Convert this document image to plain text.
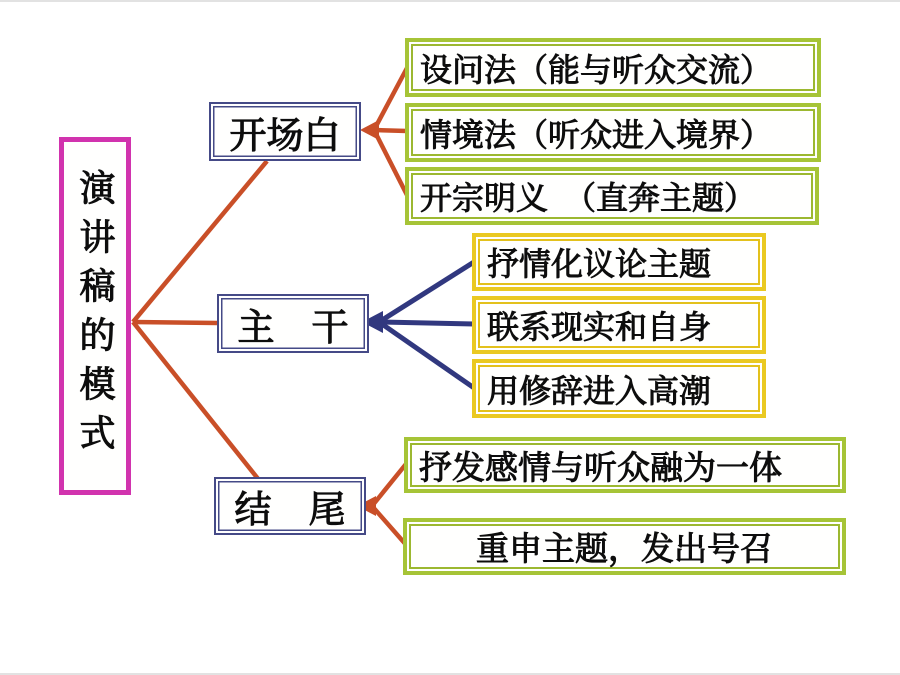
演讲稿的模式
开场白
主　干
结　尾
设问法（能与听众交流）
情境法（听众进入境界）
开宗明义　（直奔主题）
抒情化议论主题
联系现实和自身
用修辞进入高潮
抒发感情与听众融为一体
重申主题，发出号召
